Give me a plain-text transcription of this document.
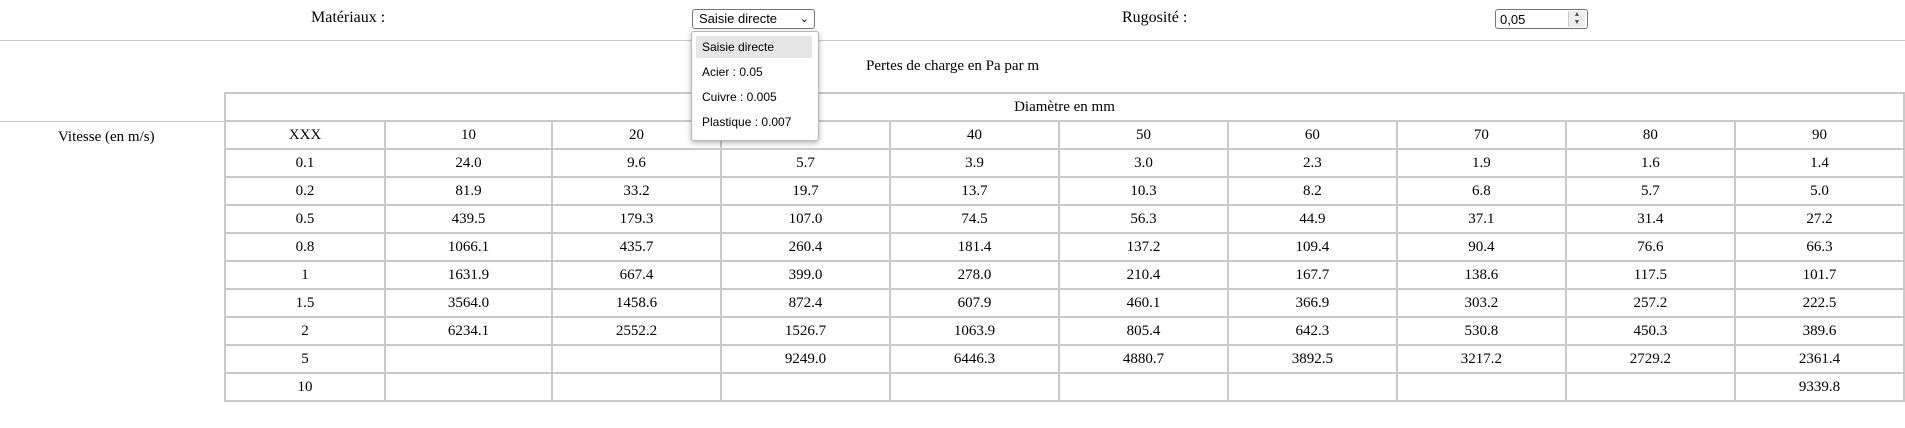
Matériaux :	Saisie directe ⌄	Rugosité :	0,05	▲
▼
Pertes de charge en Pa par m
Vitesse (en m/s)
Diamètre en mm									
XXX	10	20		40	50	60	70	80	90
0.1	24.0	9.6	5.7	3.9	3.0	2.3	1.9	1.6	1.4
0.2	81.9	33.2	19.7	13.7	10.3	8.2	6.8	5.7	5.0
0.5	439.5	179.3	107.0	74.5	56.3	44.9	37.1	31.4	27.2
0.8	1066.1	435.7	260.4	181.4	137.2	109.4	90.4	76.6	66.3
1	1631.9	667.4	399.0	278.0	210.4	167.7	138.6	117.5	101.7
1.5	3564.0	1458.6	872.4	607.9	460.1	366.9	303.2	257.2	222.5
2	6234.1	2552.2	1526.7	1063.9	805.4	642.3	530.8	450.3	389.6
5			9249.0	6446.3	4880.7	3892.5	3217.2	2729.2	2361.4
10									9339.8
Saisie directe
Acier : 0.05
Cuivre : 0.005
Plastique : 0.007
